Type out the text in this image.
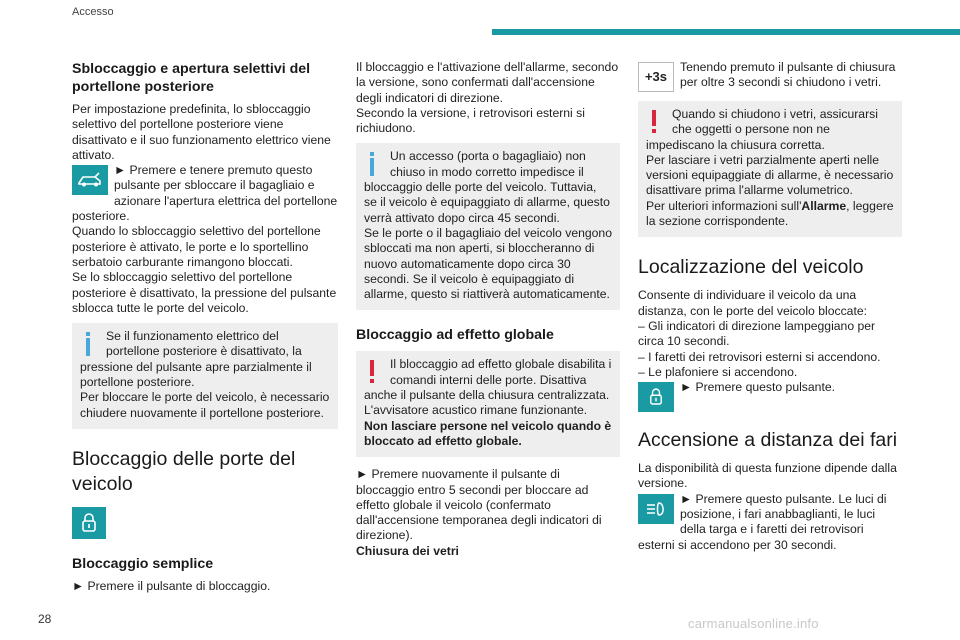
Accesso

Sbloccaggio e apertura selettivi del portellone posteriore

Per impostazione predefinita, lo sbloccaggio selettivo del portellone posteriore viene disattivato e il suo funzionamento elettrico viene attivato.

► Premere e tenere premuto questo pulsante per sbloccare il bagagliaio e azionare l'apertura elettrica del portellone posteriore.

Quando lo sbloccaggio selettivo del portellone posteriore è attivato, le porte e lo sportellino serbatoio carburante rimangono bloccati.

Se lo sbloccaggio selettivo del portellone posteriore è disattivato, la pressione del pulsante sblocca tutte le porte del veicolo.

Se il funzionamento elettrico del portellone posteriore è disattivato, la pressione del pulsante apre parzialmente il portellone posteriore.

Per bloccare le porte del veicolo, è necessario chiudere nuovamente il portellone posteriore.

Bloccaggio delle porte del veicolo

Bloccaggio semplice

► Premere il pulsante di bloccaggio.

Il bloccaggio e l'attivazione dell'allarme, secondo la versione, sono confermati dall'accensione degli indicatori di direzione.

Secondo la versione, i retrovisori esterni si richiudono.

Un accesso (porta o bagagliaio) non chiuso in modo corretto impedisce il bloccaggio delle porte del veicolo. Tuttavia, se il veicolo è equipaggiato di allarme, questo verrà attivato dopo circa 45 secondi.

Se le porte o il bagagliaio del veicolo vengono sbloccati ma non aperti, si bloccheranno di nuovo automaticamente dopo circa 30 secondi. Se il veicolo è equipaggiato di allarme, questo si riattiverà automaticamente.

Bloccaggio ad effetto globale

Il bloccaggio ad effetto globale disabilita i comandi interni delle porte. Disattiva anche il pulsante della chiusura centralizzata. L'avvisatore acustico rimane funzionante.

Non lasciare persone nel veicolo quando è bloccato ad effetto globale.

► Premere nuovamente il pulsante di bloccaggio entro 5 secondi per bloccare ad effetto globale il veicolo (confermato dall'accensione temporanea degli indicatori di direzione).

Chiusura dei vetri

+3s

Tenendo premuto il pulsante di chiusura per oltre 3 secondi si chiudono i vetri.

Quando si chiudono i vetri, assicurarsi che oggetti o persone non ne impediscano la chiusura corretta.

Per lasciare i vetri parzialmente aperti nelle versioni equipaggiate di allarme, è necessario disattivare prima l'allarme volumetrico.

Per ulteriori informazioni sull'Allarme, leggere la sezione corrispondente.

Localizzazione del veicolo

Consente di individuare il veicolo da una distanza, con le porte del veicolo bloccate:

– Gli indicatori di direzione lampeggiano per circa 10 secondi.

– I faretti dei retrovisori esterni si accendono.

– Le plafoniere si accendono.

► Premere questo pulsante.

Accensione a distanza dei fari

La disponibilità di questa funzione dipende dalla versione.

► Premere questo pulsante. Le luci di posizione, i fari anabbaglianti, le luci della targa e i faretti dei retrovisori esterni si accendono per 30 secondi.

28	carmanualsonline.info
